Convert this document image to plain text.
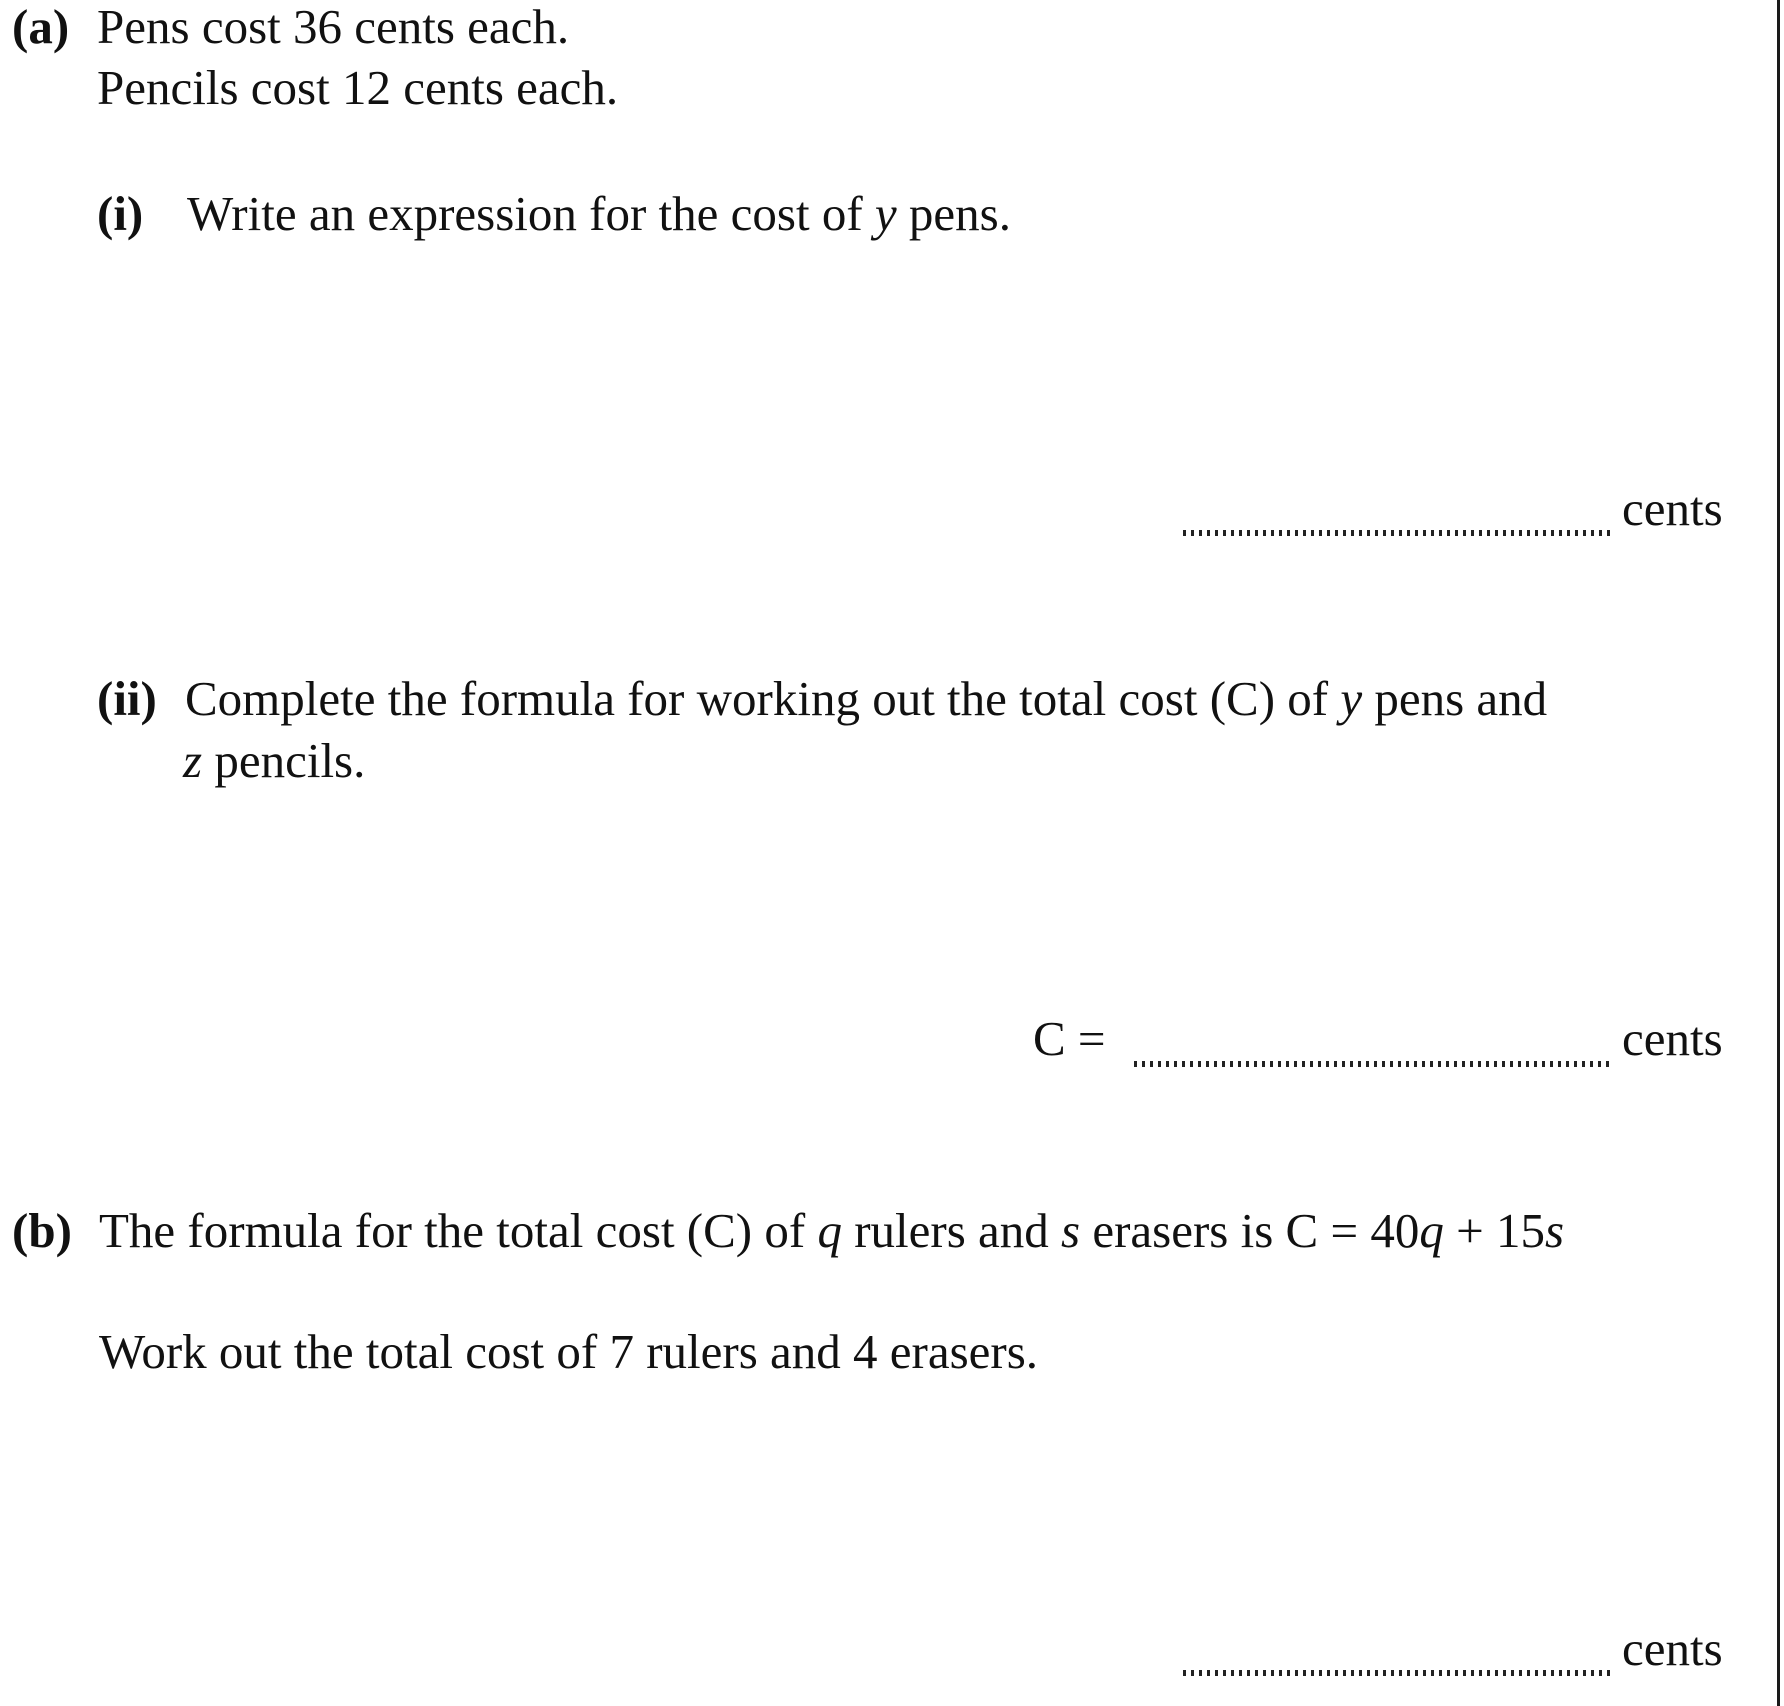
(a) Pens cost 36 cents each.
Pencils cost 12 cents each.
(i) Write an expression for the cost of y pens.
cents
(ii) Complete the formula for working out the total cost (C) of y pens and
z pencils.
C =	cents
(b) The formula for the total cost (C) of q rulers and s erasers is C = 40q + 15s
Work out the total cost of 7 rulers and 4 erasers.
cents
